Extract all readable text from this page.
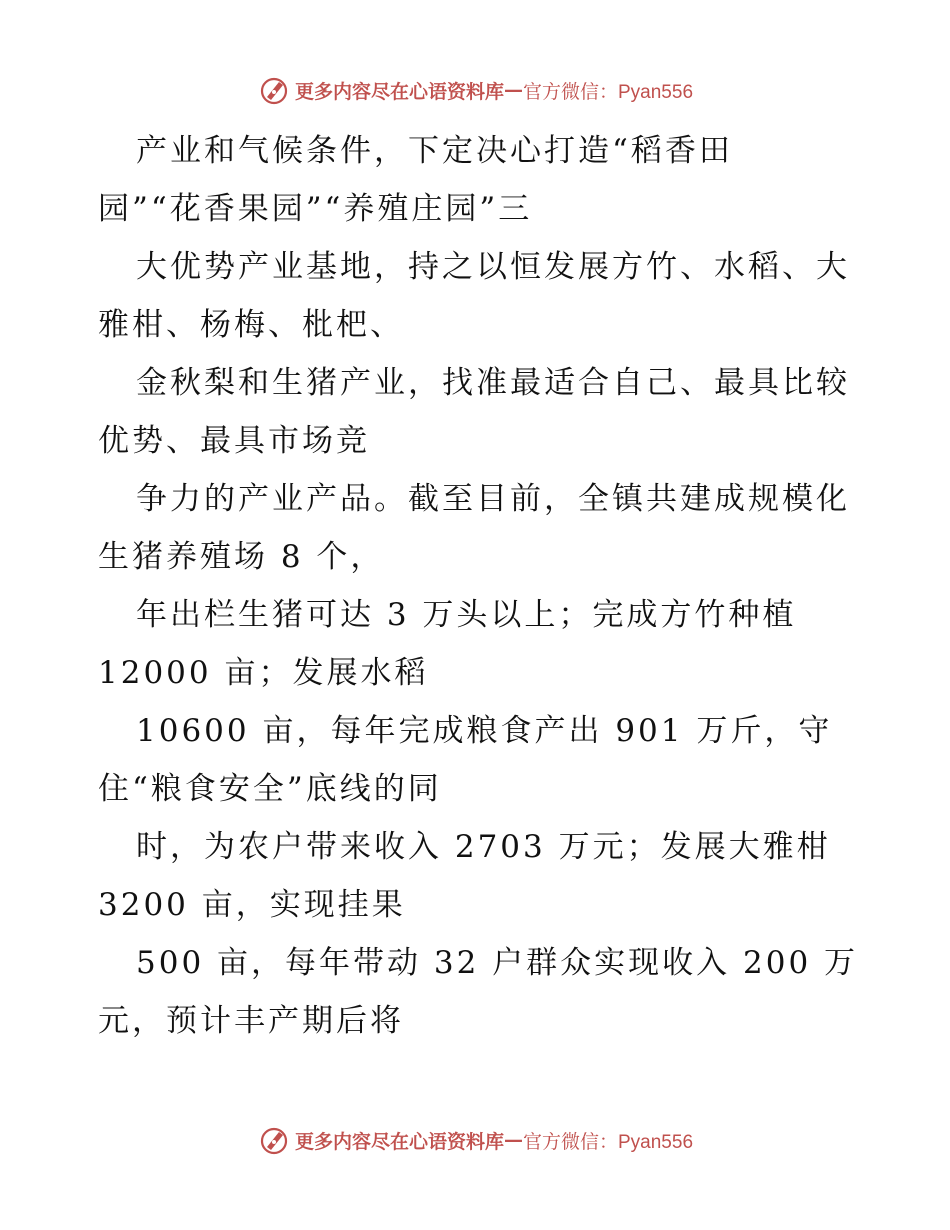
更多内容尽在心语资料库 — 官方微信：Pyan556

产业和气候条件，下定决心打造“稻香田
园”“花香果园”“养殖庄园”三

大优势产业基地，持之以恒发展方竹、水稻、大
雅柑、杨梅、枇杷、

金秋梨和生猪产业，找准最适合自己、最具比较
优势、最具市场竞

争力的产业产品。截至目前，全镇共建成规模化
生猪养殖场 8 个，

年出栏生猪可达 3 万头以上；完成方竹种植
12000 亩；发展水稻

10600 亩，每年完成粮食产出 901 万斤，守
住“粮食安全”底线的同

时，为农户带来收入 2703 万元；发展大雅柑
3200 亩，实现挂果

500 亩，每年带动 32 户群众实现收入 200 万
元，预计丰产期后将

更多内容尽在心语资料库 — 官方微信：Pyan556
